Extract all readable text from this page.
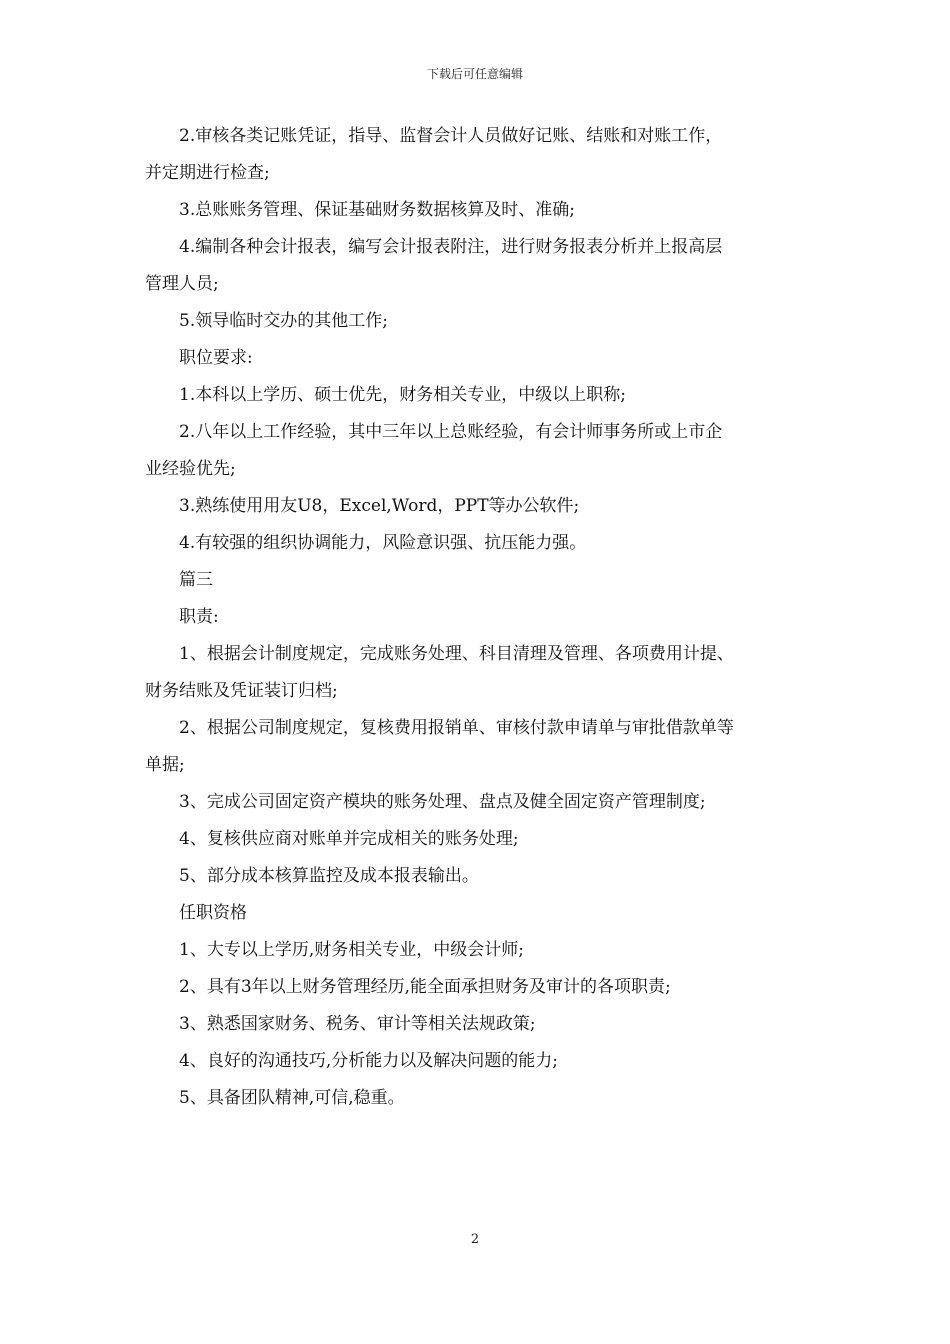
下载后可任意编辑

2.审核各类记账凭证，指导、监督会计人员做好记账、结账和对账工作，

并定期进行检查;

3.总账账务管理、保证基础财务数据核算及时、准确;

4.编制各种会计报表，编写会计报表附注，进行财务报表分析并上报高层

管理人员;

5.领导临时交办的其他工作;

职位要求:

1.本科以上学历、硕士优先，财务相关专业，中级以上职称;

2.八年以上工作经验，其中三年以上总账经验，有会计师事务所或上市企

业经验优先;

3.熟练使用用友U8，Excel,Word，PPT等办公软件;

4.有较强的组织协调能力，风险意识强、抗压能力强。

篇三

职责:

1、根据会计制度规定，完成账务处理、科目清理及管理、各项费用计提、

财务结账及凭证装订归档;

2、根据公司制度规定，复核费用报销单、审核付款申请单与审批借款单等

单据;

3、完成公司固定资产模块的账务处理、盘点及健全固定资产管理制度;

4、复核供应商对账单并完成相关的账务处理;

5、部分成本核算监控及成本报表输出。

任职资格

1、大专以上学历,财务相关专业，中级会计师;

2、具有3年以上财务管理经历,能全面承担财务及审计的各项职责;

3、熟悉国家财务、税务、审计等相关法规政策;

4、良好的沟通技巧,分析能力以及解决问题的能力;

5、具备团队精神,可信,稳重。

2
